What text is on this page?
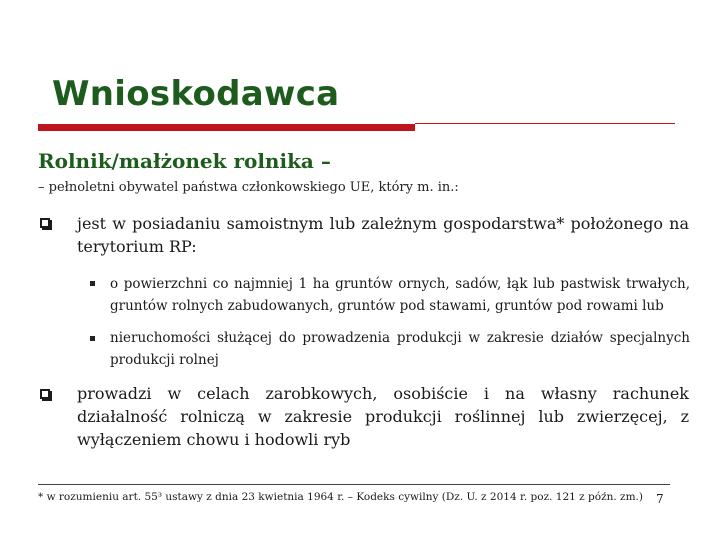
Wnioskodawca
Rolnik/małżonek rolnika –
– pełnoletni obywatel państwa członkowskiego UE, który m. in.:
jest w posiadaniu samoistnym lub zależnym gospodarstwa* położonego na terytorium RP:
o powierzchni co najmniej 1 ha gruntów ornych, sadów, łąk lub pastwisk trwałych, gruntów rolnych zabudowanych, gruntów pod stawami, gruntów pod rowami lub
nieruchomości służącej do prowadzenia produkcji w zakresie działów specjalnych produkcji rolnej
prowadzi w celach zarobkowych, osobiście i na własny rachunek działalność rolniczą w zakresie produkcji roślinnej lub zwierzęcej, z wyłączeniem chowu i hodowli ryb
* w rozumieniu art. 55³ ustawy z dnia 23 kwietnia 1964 r. – Kodeks cywilny (Dz. U. z 2014 r. poz. 121 z późn. zm.) 7
